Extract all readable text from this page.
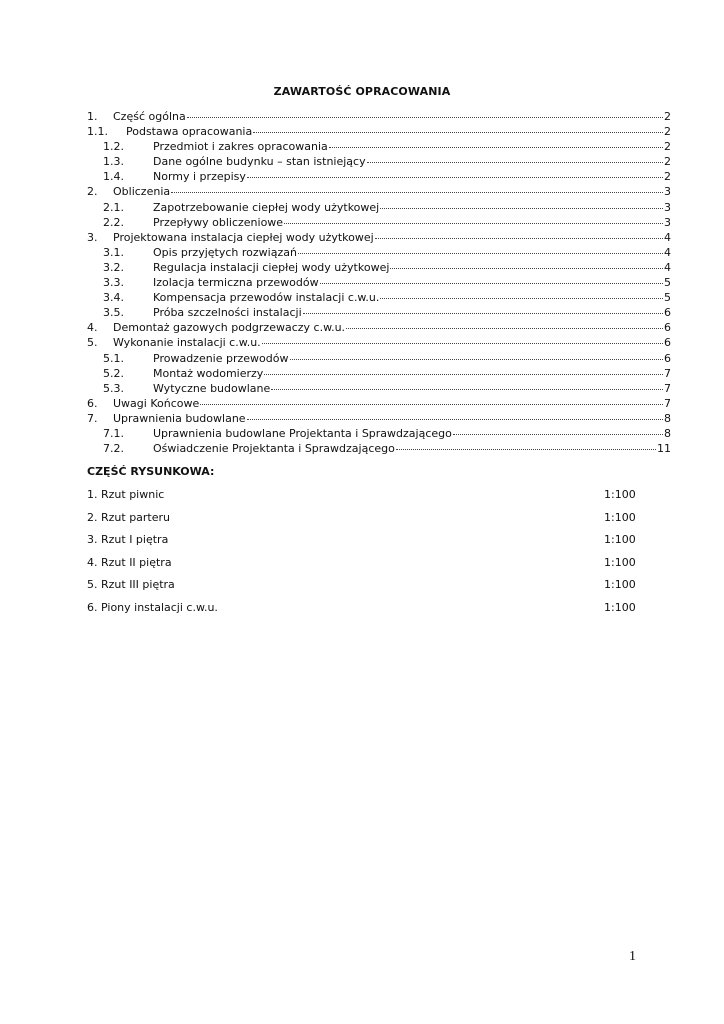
ZAWARTOŚĆ OPRACOWANIA
1.	Część ogólna	2
1.1.	Podstawa opracowania	2
1.2.	Przedmiot i zakres opracowania	2
1.3.	Dane ogólne budynku – stan istniejący	2
1.4.	Normy i przepisy	2
2.	Obliczenia	3
2.1.	Zapotrzebowanie ciepłej wody użytkowej	3
2.2.	Przepływy obliczeniowe	3
3.	Projektowana instalacja ciepłej wody użytkowej	4
3.1.	Opis przyjętych rozwiązań	4
3.2.	Regulacja instalacji ciepłej wody użytkowej	4
3.3.	Izolacja termiczna przewodów	5
3.4.	Kompensacja przewodów instalacji c.w.u.	5
3.5.	Próba szczelności instalacji	6
4.	Demontaż gazowych podgrzewaczy c.w.u.	6
5.	Wykonanie instalacji c.w.u.	6
5.1.	Prowadzenie przewodów	6
5.2.	Montaż wodomierzy	7
5.3.	Wytyczne budowlane	7
6.	Uwagi Końcowe	7
7.	Uprawnienia budowlane	8
7.1.	Uprawnienia budowlane Projektanta i Sprawdzającego	8
7.2.	Oświadczenie Projektanta i Sprawdzającego	11
CZĘŚĆ RYSUNKOWA:
1. Rzut piwnic	1:100
2. Rzut parteru	1:100
3. Rzut I piętra	1:100
4. Rzut II piętra	1:100
5. Rzut III piętra	1:100
6. Piony instalacji c.w.u.	1:100
1
